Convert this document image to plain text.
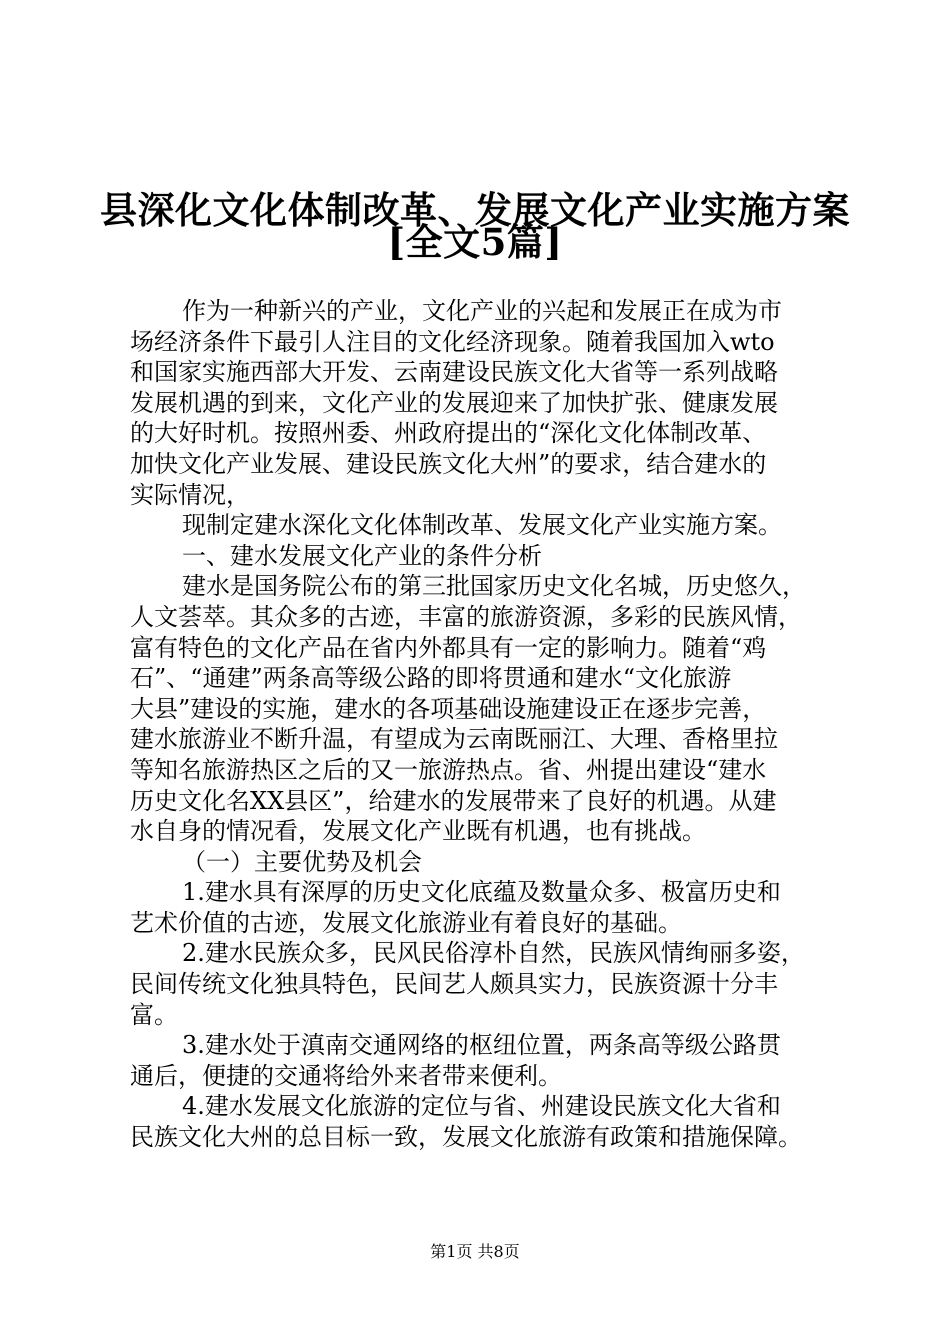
县深化文化体制改革、发展文化产业实施方案
[全文5篇]
作为一种新兴的产业，文化产业的兴起和发展正在成为市
场经济条件下最引人注目的文化经济现象。随着我国加入wto
和国家实施西部大开发、云南建设民族文化大省等一系列战略
发展机遇的到来，文化产业的发展迎来了加快扩张、健康发展
的大好时机。按照州委、州政府提出的“深化文化体制改革、
加快文化产业发展、建设民族文化大州”的要求，结合建水的
实际情况，
现制定建水深化文化体制改革、发展文化产业实施方案。
一、建水发展文化产业的条件分析
建水是国务院公布的第三批国家历史文化名城，历史悠久，
人文荟萃。其众多的古迹，丰富的旅游资源，多彩的民族风情，
富有特色的文化产品在省内外都具有一定的影响力。随着“鸡
石”、“通建”两条高等级公路的即将贯通和建水“文化旅游
大县”建设的实施，建水的各项基础设施建设正在逐步完善，
建水旅游业不断升温，有望成为云南既丽江、大理、香格里拉
等知名旅游热区之后的又一旅游热点。省、州提出建设“建水
历史文化名XX县区”，给建水的发展带来了良好的机遇。从建
水自身的情况看，发展文化产业既有机遇，也有挑战。
（一）主要优势及机会
1.建水具有深厚的历史文化底蕴及数量众多、极富历史和
艺术价值的古迹，发展文化旅游业有着良好的基础。
2.建水民族众多，民风民俗淳朴自然，民族风情绚丽多姿，
民间传统文化独具特色，民间艺人颇具实力，民族资源十分丰
富。
3.建水处于滇南交通网络的枢纽位置，两条高等级公路贯
通后，便捷的交通将给外来者带来便利。
4.建水发展文化旅游的定位与省、州建设民族文化大省和
民族文化大州的总目标一致，发展文化旅游有政策和措施保障。
第1页 共8页
